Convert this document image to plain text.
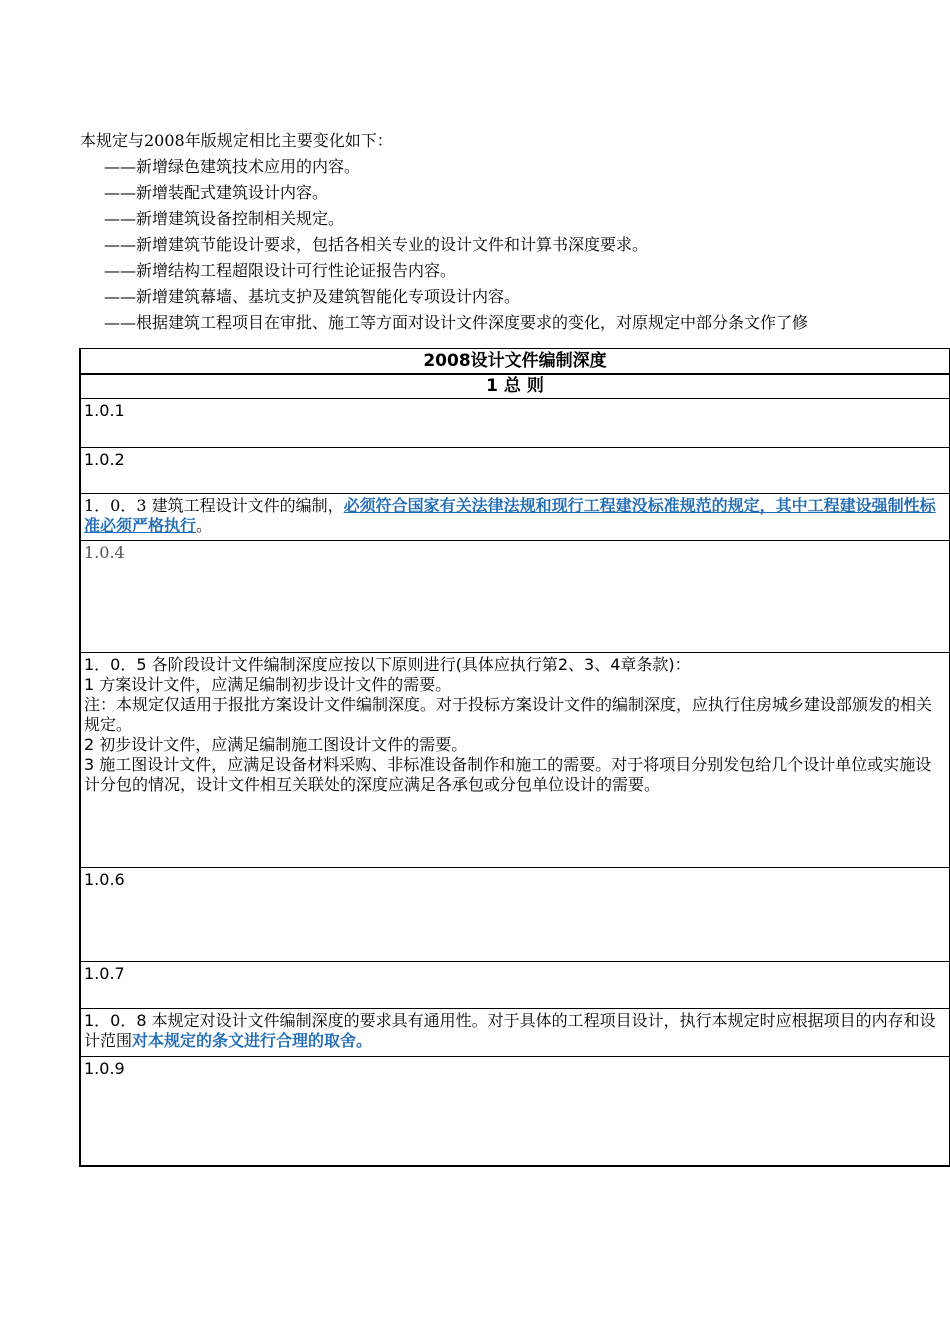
本规定与2008年版规定相比主要变化如下：
——新增绿色建筑技术应用的内容。
——新增装配式建筑设计内容。
——新增建筑设备控制相关规定。
——新增建筑节能设计要求，包括各相关专业的设计文件和计算书深度要求。
——新增结构工程超限设计可行性论证报告内容。
——新增建筑幕墙、基坑支护及建筑智能化专项设计内容。
——根据建筑工程项目在审批、施工等方面对设计文件深度要求的变化，对原规定中部分条文作了修
2008设计文件编制深度
1 总 则
1.0.1
1.0.2
1．0．3 建筑工程设计文件的编制，必须符合国家有关法律法规和现行工程建没标准规范的规定，其中工程建设强制性标准必须严格执行。
1.0.4

1．0．5 各阶段设计文件编制深度应按以下原则进行(具体应执行第2、3、4章条款)：

1 方案设计文件，应满足编制初步设计文件的需要。

注：本规定仅适用于报批方案设计文件编制深度。对于投标方案设计文件的编制深度，应执行住房城乡建设部颁发的相关规定。

2 初步设计文件，应满足编制施工图设计文件的需要。

3 施工图设计文件，应满足设备材料采购、非标准设备制作和施工的需要。对于将项目分别发包给几个设计单位或实施设计分包的情况，设计文件相互关联处的深度应满足各承包或分包单位设计的需要。

1.0.6
1.0.7
1．0．8 本规定对设计文件编制深度的要求具有通用性。对于具体的工程项目设计，执行本规定时应根据项目的内存和设计范围对本规定的条文进行合理的取舍。
1.0.9
